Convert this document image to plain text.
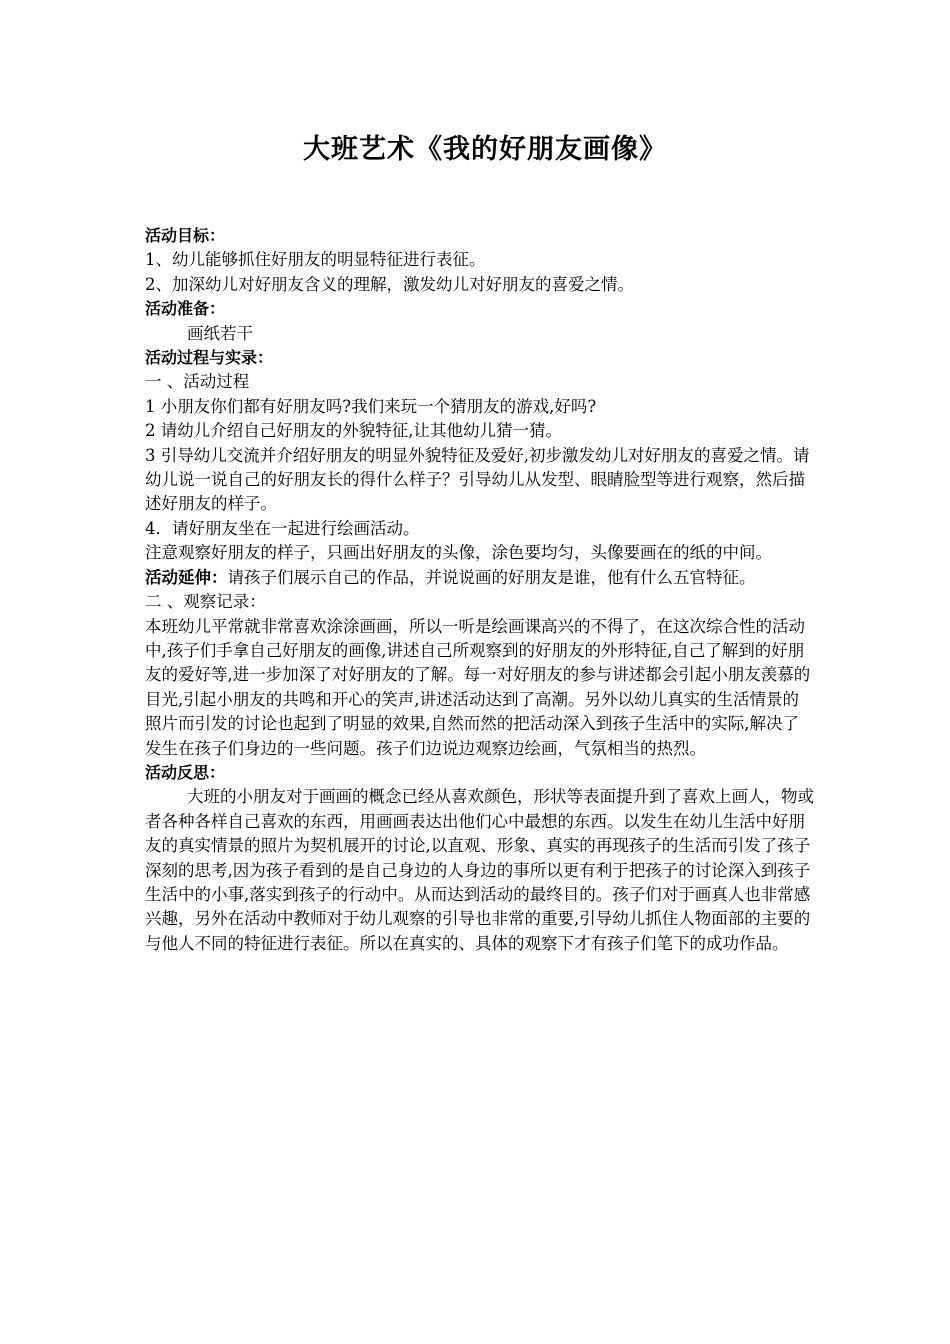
大班艺术《我的好朋友画像》

活动目标：

1、幼儿能够抓住好朋友的明显特征进行表征。

2、加深幼儿对好朋友含义的理解，激发幼儿对好朋友的喜爱之情。

活动准备：

画纸若干

活动过程与实录：

一 、活动过程

1 小朋友你们都有好朋友吗?我们来玩一个猜朋友的游戏,好吗?

2 请幼儿介绍自己好朋友的外貌特征,让其他幼儿猜一猜。

3 引导幼儿交流并介绍好朋友的明显外貌特征及爱好,初步激发幼儿对好朋友的喜爱之情。请幼儿说一说自己的好朋友长的得什么样子？引导幼儿从发型、眼睛脸型等进行观察，然后描述好朋友的样子。

4．请好朋友坐在一起进行绘画活动。

注意观察好朋友的样子，只画出好朋友的头像，涂色要均匀，头像要画在的纸的中间。

活动延伸：请孩子们展示自己的作品，并说说画的好朋友是谁，他有什么五官特征。

二 、观察记录：

本班幼儿平常就非常喜欢涂涂画画，所以一听是绘画课高兴的不得了，在这次综合性的活动中,孩子们手拿自己好朋友的画像,讲述自己所观察到的好朋友的外形特征,自己了解到的好朋友的爱好等,进一步加深了对好朋友的了解。每一对好朋友的参与讲述都会引起小朋友羡慕的目光,引起小朋友的共鸣和开心的笑声,讲述活动达到了高潮。另外以幼儿真实的生活情景的照片而引发的讨论也起到了明显的效果,自然而然的把活动深入到孩子生活中的实际,解决了发生在孩子们身边的一些问题。孩子们边说边观察边绘画，气氛相当的热烈。

活动反思：

大班的小朋友对于画画的概念已经从喜欢颜色，形状等表面提升到了喜欢上画人，物或者各种各样自己喜欢的东西，用画画表达出他们心中最想的东西。以发生在幼儿生活中好朋友的真实情景的照片为契机展开的讨论,以直观、形象、真实的再现孩子的生活而引发了孩子深刻的思考,因为孩子看到的是自己身边的人身边的事所以更有利于把孩子的讨论深入到孩子生活中的小事,落实到孩子的行动中。从而达到活动的最终目的。孩子们对于画真人也非常感兴趣，另外在活动中教师对于幼儿观察的引导也非常的重要,引导幼儿抓住人物面部的主要的与他人不同的特征进行表征。所以在真实的、具体的观察下才有孩子们笔下的成功作品。
